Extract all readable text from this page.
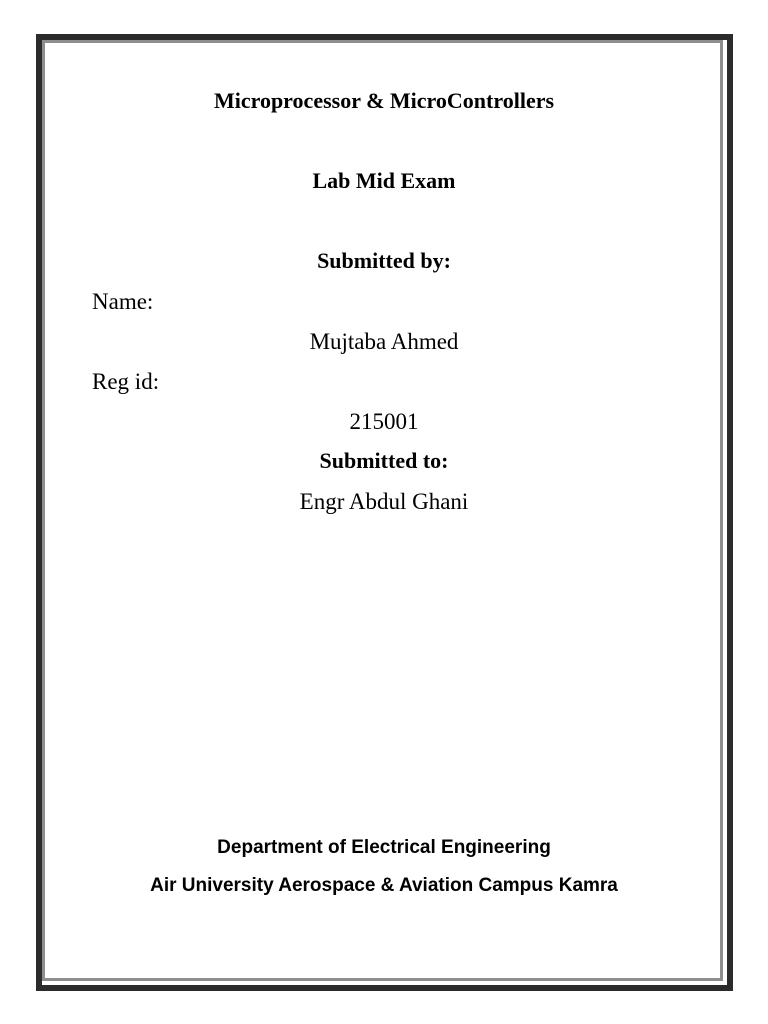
Microprocessor & MicroControllers
Lab Mid Exam
Submitted by:
Name:
Mujtaba Ahmed
Reg id:
215001
Submitted to:
Engr Abdul Ghani
Department of Electrical Engineering
Air University Aerospace & Aviation Campus Kamra
